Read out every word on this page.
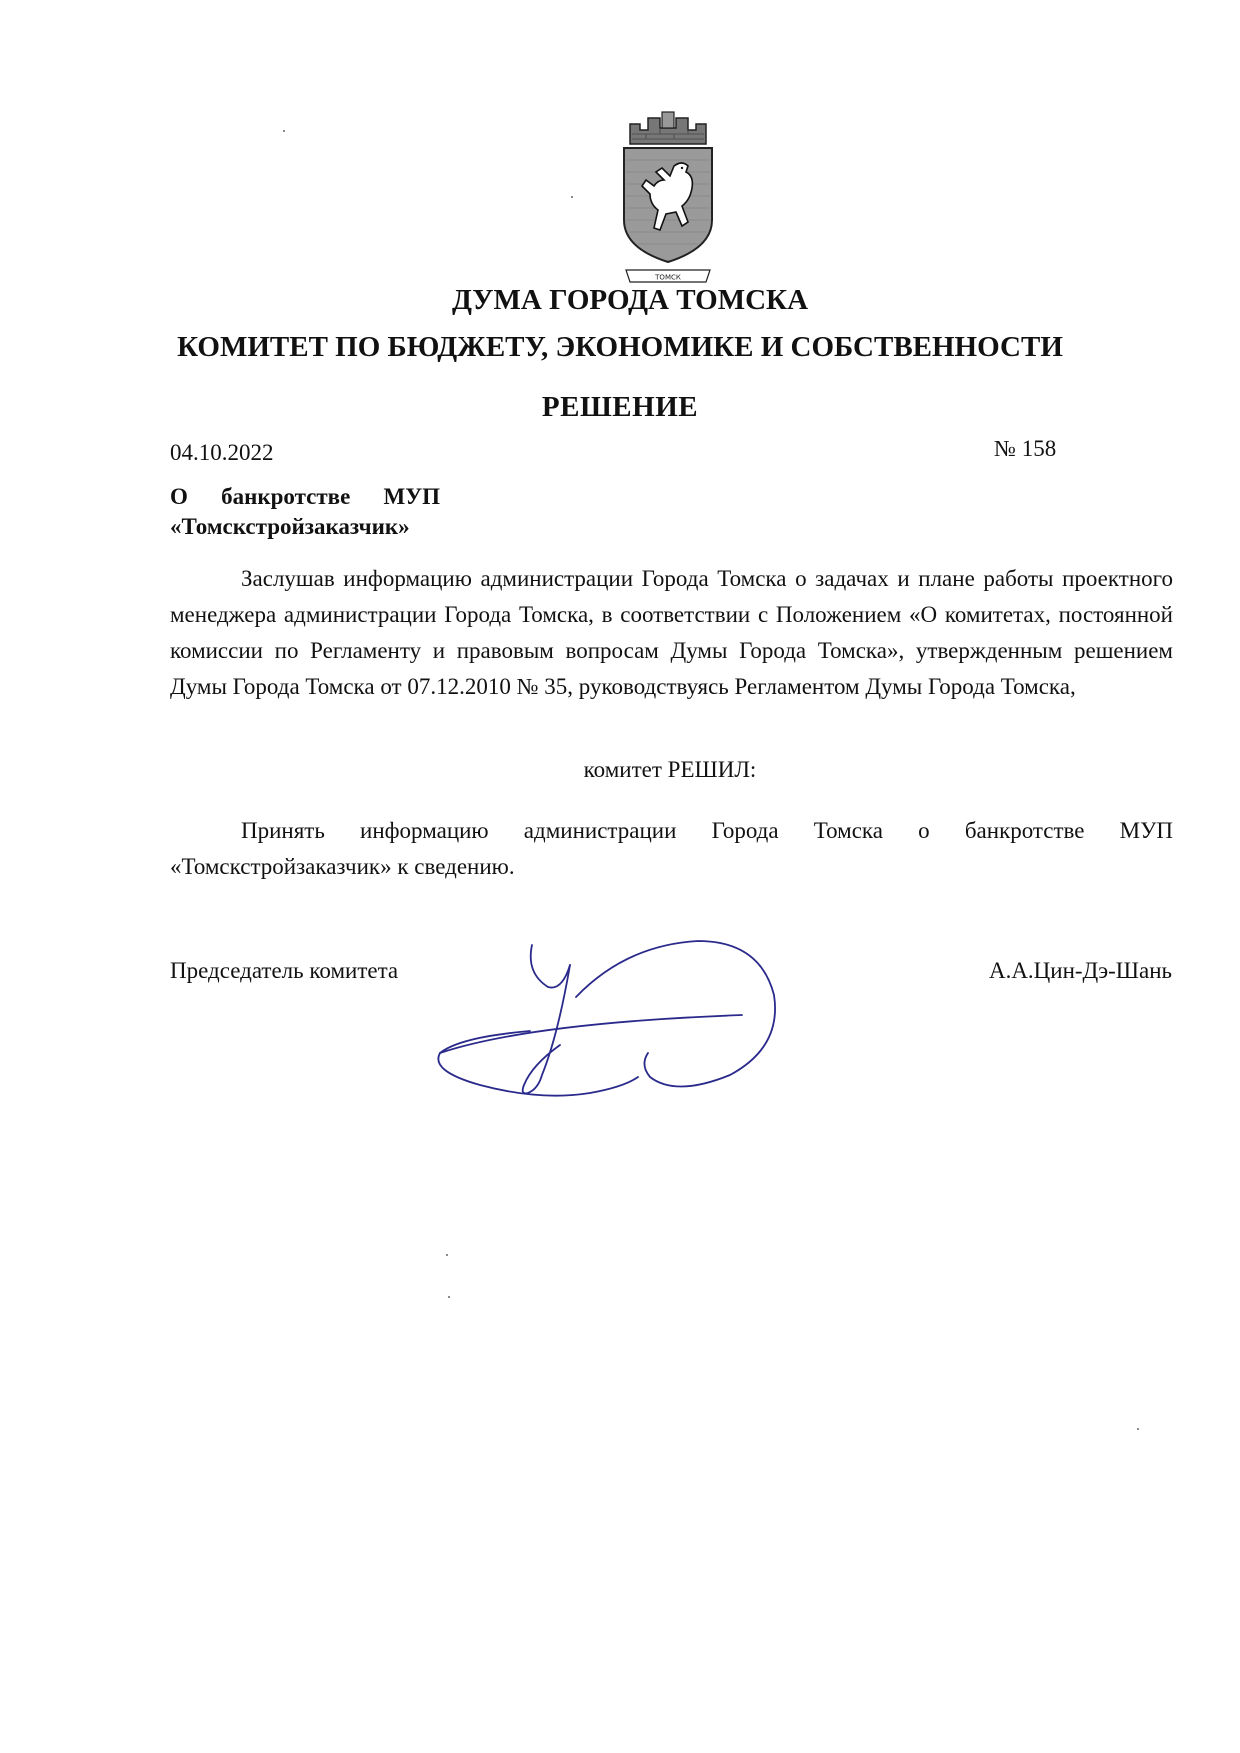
ТОМСК
ДУМА ГОРОДА ТОМСКА
КОМИТЕТ ПО БЮДЖЕТУ, ЭКОНОМИКЕ И СОБСТВЕННОСТИ
РЕШЕНИЕ
04.10.2022	№ 158
О банкротстве МУП
«Томскстройзаказчик»
Заслушав информацию администрации Города Томска о задачах и плане работы проектного менеджера администрации Города Томска, в соответствии с Положением «О комитетах, постоянной комиссии по Регламенту и правовым вопросам Думы Города Томска», утвержденным решением Думы Города Томска от 07.12.2010 № 35, руководствуясь Регламентом Думы Города Томска,
комитет РЕШИЛ:
Принять информацию администрации Города Томска о банкротстве МУП «Томскстройзаказчик» к сведению.
Председатель комитета	А.А.Цин-Дэ-Шань
